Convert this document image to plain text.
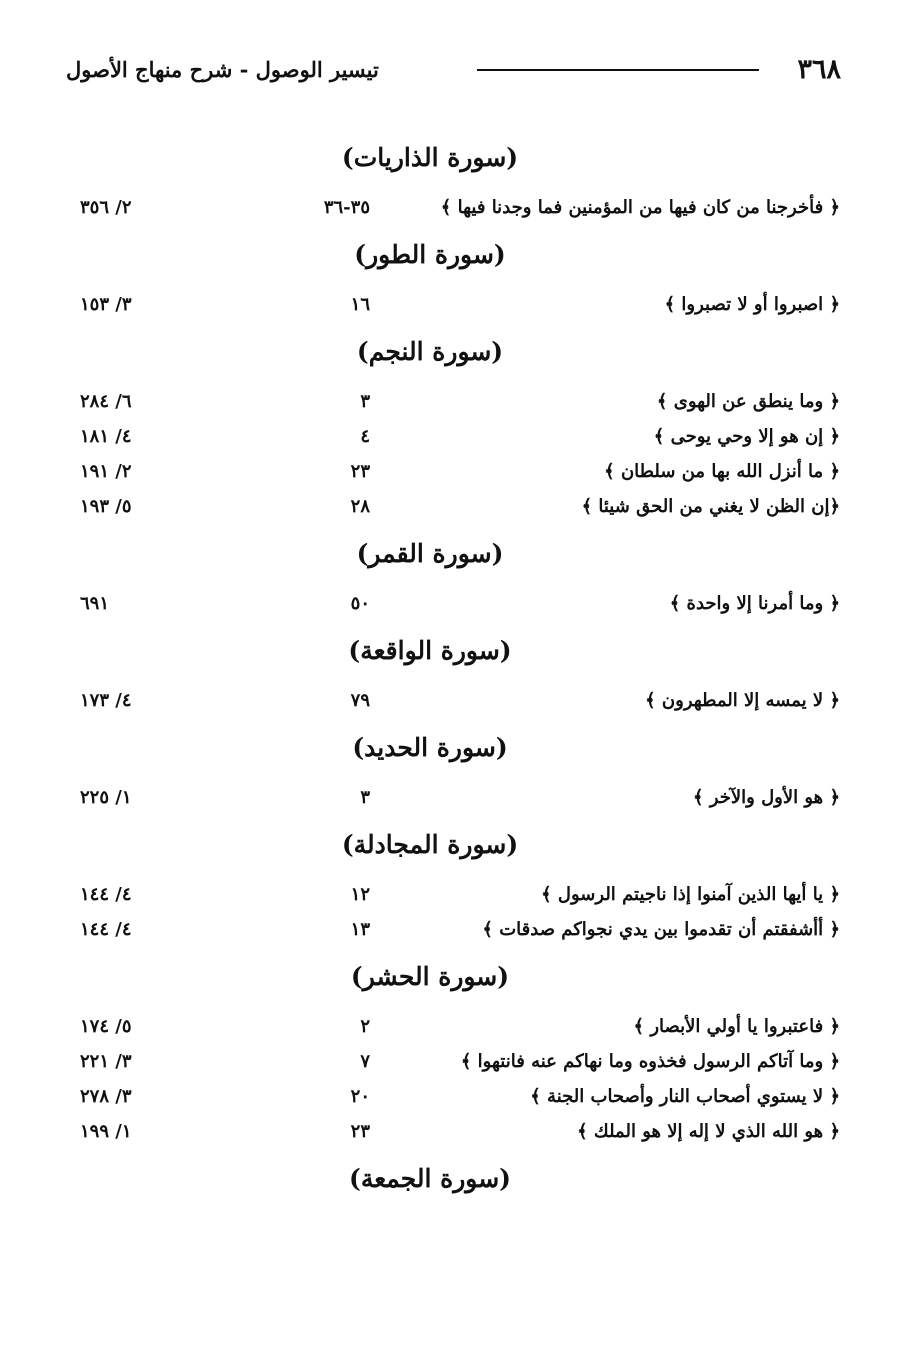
٣٦٨
تيسير الوصول - شرح منهاج الأصول
(سورة الذاريات)
﴿ فأخرجنا من كان فيها من المؤمنين فما وجدنا فيها ﴾
٣٥-٣٦
٢/ ٣٥٦
(سورة الطور)
﴿ اصبروا أو لا تصبروا ﴾
١٦
٣/ ١٥٣
(سورة النجم)
﴿ وما ينطق عن الهوى ﴾
٣
٦/ ٢٨٤
﴿ إن هو إلا وحي يوحى ﴾
٤
٤/ ١٨١
﴿ ما أنزل الله بها من سلطان ﴾
٢٣
٢/ ١٩١
﴿إن الظن لا يغني من الحق شيئا ﴾
٢٨
٥/ ١٩٣
(سورة القمر)
﴿ وما أمرنا إلا واحدة ﴾
٥٠
٦٩١
(سورة الواقعة)
﴿ لا يمسه إلا المطهرون ﴾
٧٩
٤/ ١٧٣
(سورة الحديد)
﴿ هو الأول والآخر ﴾
٣
١/ ٢٢٥
(سورة المجادلة)
﴿ يا أيها الذين آمنوا إذا ناجيتم الرسول ﴾
١٢
٤/ ١٤٤
﴿ أأشفقتم أن تقدموا بين يدي نجواكم صدقات ﴾
١٣
٤/ ١٤٤
(سورة الحشر)
﴿ فاعتبروا يا أولي الأبصار ﴾
٢
٥/ ١٧٤
﴿ وما آتاكم الرسول فخذوه وما نهاكم عنه فانتهوا ﴾
٧
٣/ ٢٢١
﴿ لا يستوي أصحاب النار وأصحاب الجنة ﴾
٢٠
٣/ ٢٧٨
﴿ هو الله الذي لا إله إلا هو الملك ﴾
٢٣
١/ ١٩٩
(سورة الجمعة)
